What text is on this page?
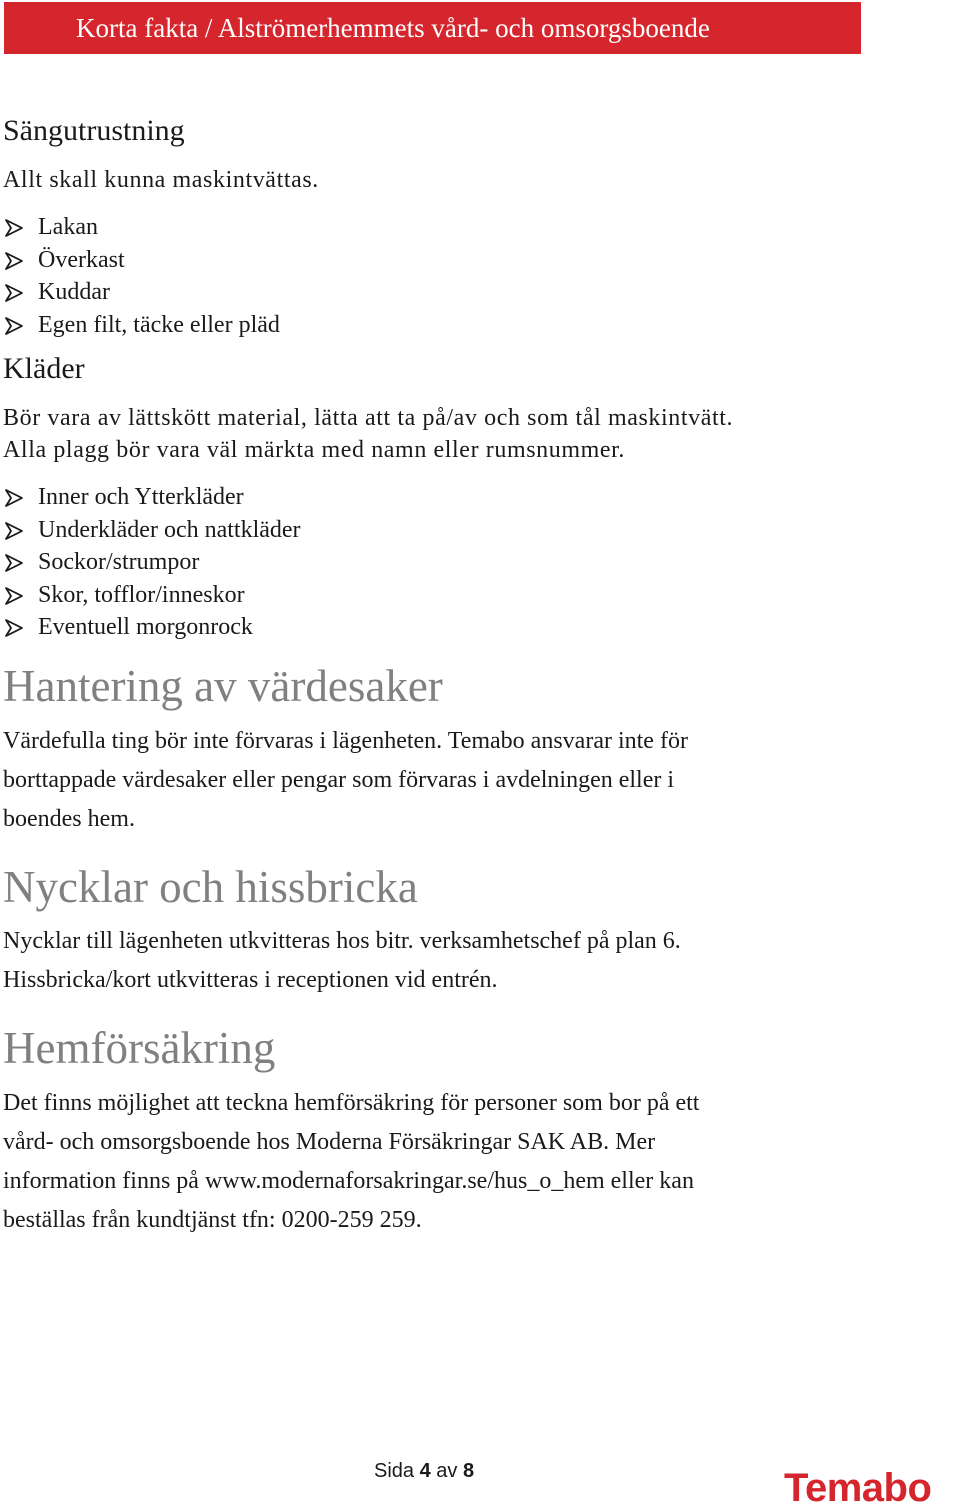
Korta fakta / Alströmerhemmets vård- och omsorgsboende
Sängutrustning

Allt skall kunna maskintvättas.

Lakan
Överkast
Kuddar
Egen filt, täcke eller pläd
Kläder

Bör vara av lättskött material, lätta att ta på/av och som tål maskintvätt.

Alla plagg bör vara väl märkta med namn eller rumsnummer.

Inner och Ytterkläder
Underkläder och nattkläder
Sockor/strumpor
Skor, tofflor/inneskor
Eventuell morgonrock
Hantering av värdesaker

Värdefulla ting bör inte förvaras i lägenheten. Temabo ansvarar inte för

borttappade värdesaker eller pengar som förvaras i avdelningen eller i

boendes hem.

Nycklar och hissbricka

Nycklar till lägenheten utkvitteras hos bitr. verksamhetschef på plan 6.

Hissbricka/kort utkvitteras i receptionen vid entrén.

Hemförsäkring

Det finns möjlighet att teckna hemförsäkring för personer som bor på ett

vård- och omsorgsboende hos Moderna Försäkringar SAK AB. Mer

information finns på www.modernaforsakringar.se/hus_o_hem eller kan

beställas från kundtjänst tfn: 0200-259 259.

Sida 4 av 8	Temabo
